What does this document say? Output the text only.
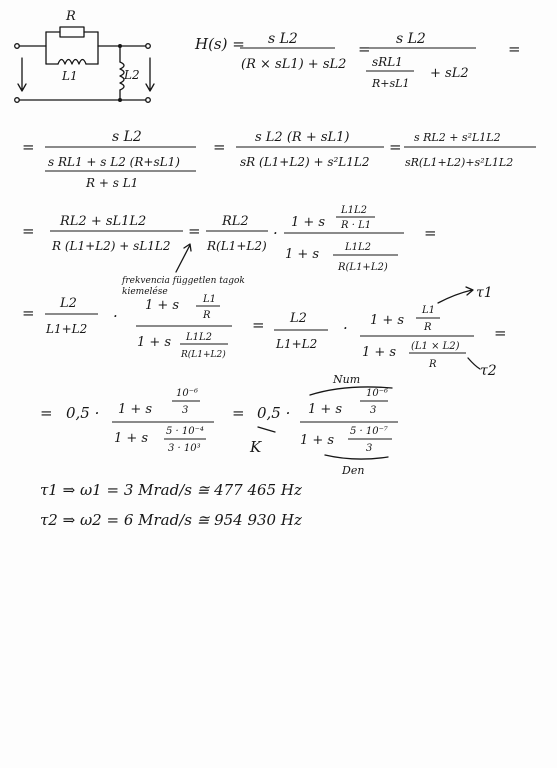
R
L1	L2
H(s) = s L2
(R × sL1) + sL2
=
s L2
sRL1
R+sL1
+ sL2
=
=
s L2
s RL1 + s L2 (R+sL1)
R + s L1
=
s L2 (R + sL1)
sR (L1+L2) + s²L1L2
=
s RL2 + s²L1L2
sR(L1+L2)+s²L1L2
=
RL2 + sL1L2
R (L1+L2) + sL1L2
=
RL2
R(L1+L2)
·
1 + s
L1L2
R · L1
1 + s	L1L2
R(L1+L2)
=
frekvencia független tagok
kiemelése
=
L2
L1+L2
·
1 + s L1
R
1 + s L1L2
R(L1+L2)
= L2
L1+L2
· 1 + s
L1
R
1 + s (L1 × L2)
R
=
τ1
τ2
= 0,5 · 1 + s
10⁻⁶
3
1 + s 5 · 10⁻⁴
3 · 10³
= 0,5 ·
K
Num
1 + s
10⁻⁶
3
1 + s
5 · 10⁻⁷
3
Den
τ1 ⇒ ω1 = 3 Mrad/s ≅ 477 465 Hz
τ2 ⇒ ω2 = 6 Mrad/s ≅ 954 930 Hz
